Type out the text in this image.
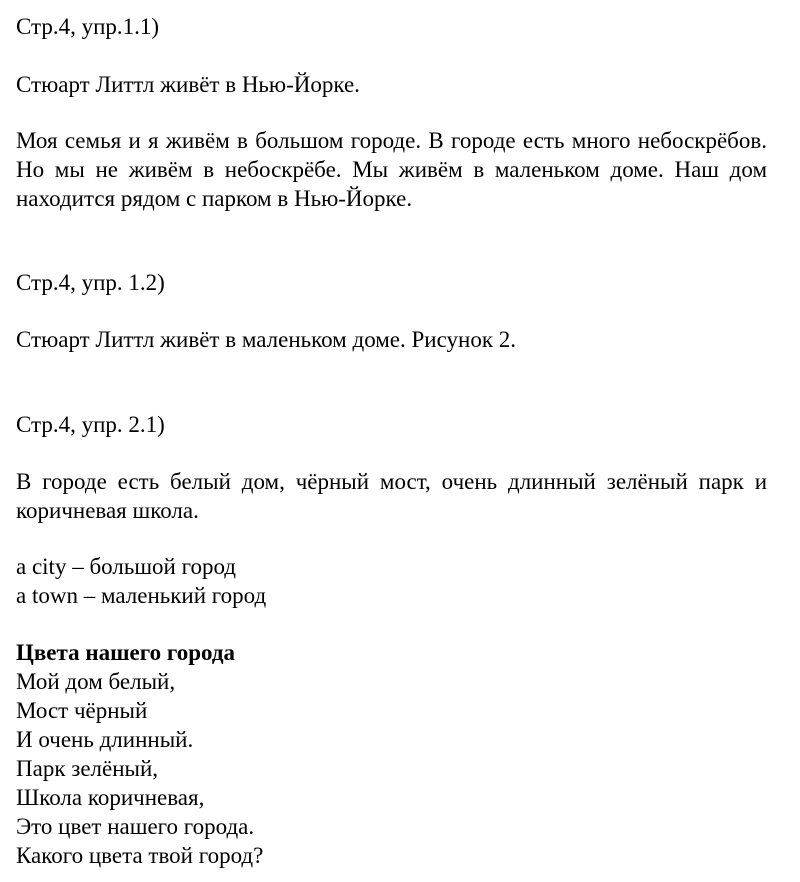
Стр.4, упр.1.1)
Стюарт Литтл живёт в Нью-Йорке.
Моя семья и я живём в большом городе. В городе есть много небоскрёбов. Но мы не живём в небоскрёбе. Мы живём в маленьком доме. Наш дом находится рядом с парком в Нью-Йорке.
Стр.4, упр. 1.2)
Стюарт Литтл живёт в маленьком доме. Рисунок 2.
Стр.4, упр. 2.1)
В городе есть белый дом, чёрный мост, очень длинный зелёный парк и коричневая школа.
a city – большой город
a town – маленький город
Цвета нашего города
Мой дом белый,
Мост чёрный
И очень длинный.
Парк зелёный,
Школа коричневая,
Это цвет нашего города.
Какого цвета твой город?
